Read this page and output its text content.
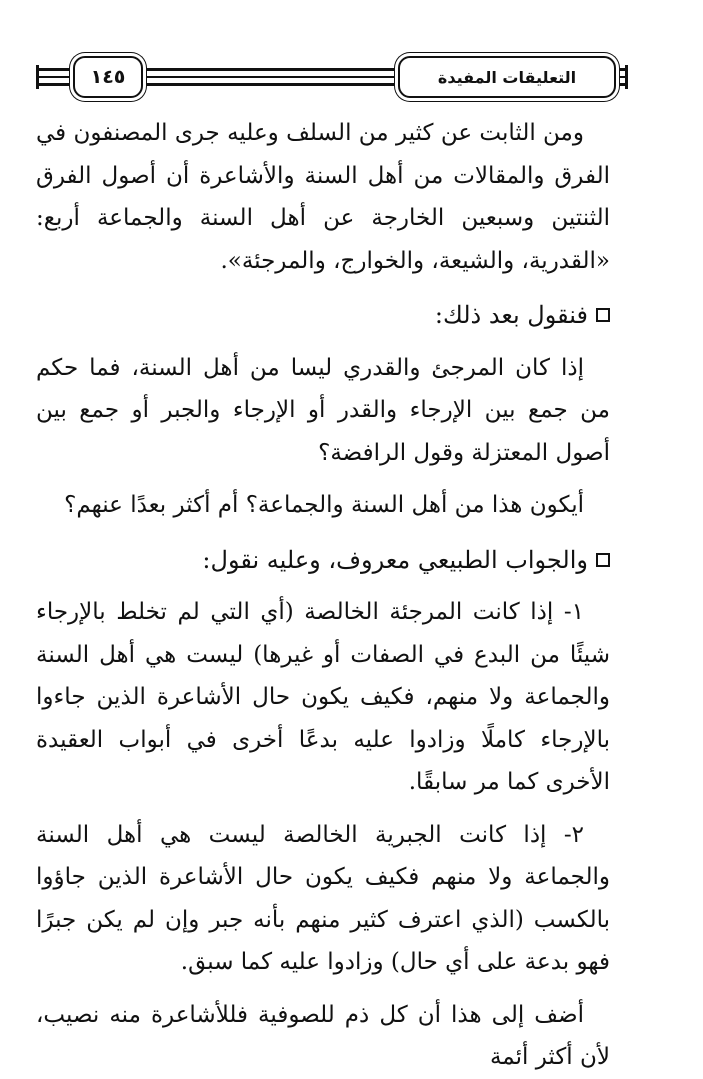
١٤٥	التعليقات المفيدة

ومن الثابت عن كثير من السلف وعليه جرى المصنفون في الفرق والمقالات من أهل السنة والأشاعرة أن أصول الفرق الثنتين وسبعين الخارجة عن أهل السنة والجماعة أربع: «القدرية، والشيعة، والخوارج، والمرجئة».

فنقول بعد ذلك:

إذا كان المرجئ والقدري ليسا من أهل السنة، فما حكم من جمع بين الإرجاء والقدر أو الإرجاء والجبر أو جمع بين أصول المعتزلة وقول الرافضة؟

أيكون هذا من أهل السنة والجماعة؟ أم أكثر بعدًا عنهم؟

والجواب الطبيعي معروف، وعليه نقول:

١- إذا كانت المرجئة الخالصة (أي التي لم تخلط بالإرجاء شيئًا من البدع في الصفات أو غيرها) ليست هي أهل السنة والجماعة ولا منهم، فكيف يكون حال الأشاعرة الذين جاءوا بالإرجاء كاملًا وزادوا عليه بدعًا أخرى في أبواب العقيدة الأخرى كما مر سابقًا.

٢- إذا كانت الجبرية الخالصة ليست هي أهل السنة والجماعة ولا منهم فكيف يكون حال الأشاعرة الذين جاؤوا بالكسب (الذي اعترف كثير منهم بأنه جبر وإن لم يكن جبرًا فهو بدعة على أي حال) وزادوا عليه كما سبق.

أضف إلى هذا أن كل ذم للصوفية فللأشاعرة منه نصيب، لأن أكثر أئمة
